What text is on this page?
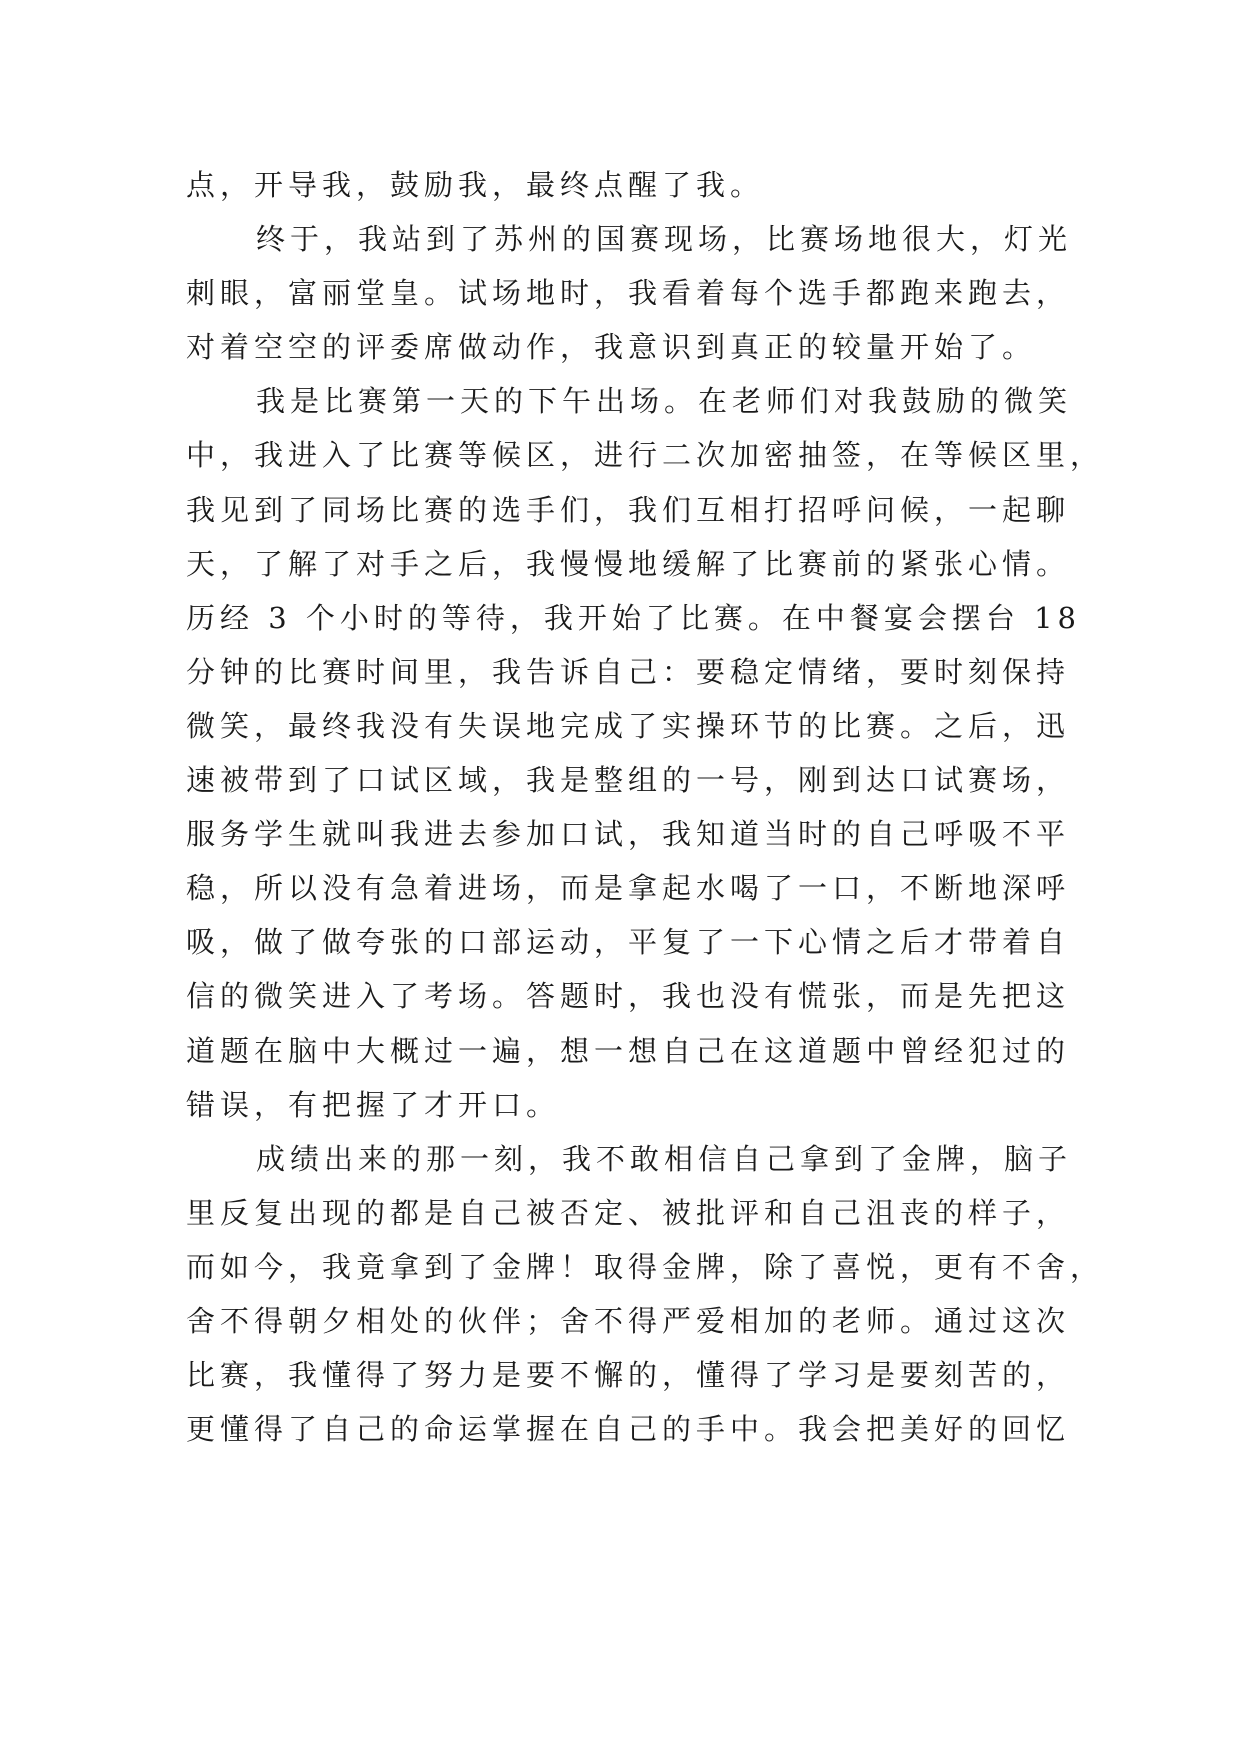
点，开导我，鼓励我，最终点醒了我。
终于，我站到了苏州的国赛现场，比赛场地很大，灯光
刺眼，富丽堂皇。试场地时，我看着每个选手都跑来跑去，
对着空空的评委席做动作，我意识到真正的较量开始了。
我是比赛第一天的下午出场。在老师们对我鼓励的微笑
中，我进入了比赛等候区，进行二次加密抽签，在等候区里，
我见到了同场比赛的选手们，我们互相打招呼问候，一起聊
天，了解了对手之后，我慢慢地缓解了比赛前的紧张心情。
历经 3 个小时的等待，我开始了比赛。在中餐宴会摆台 18
分钟的比赛时间里，我告诉自己：要稳定情绪，要时刻保持
微笑，最终我没有失误地完成了实操环节的比赛。之后，迅
速被带到了口试区域，我是整组的一号，刚到达口试赛场，
服务学生就叫我进去参加口试，我知道当时的自己呼吸不平
稳，所以没有急着进场，而是拿起水喝了一口，不断地深呼
吸，做了做夸张的口部运动，平复了一下心情之后才带着自
信的微笑进入了考场。答题时，我也没有慌张，而是先把这
道题在脑中大概过一遍，想一想自己在这道题中曾经犯过的
错误，有把握了才开口。
成绩出来的那一刻，我不敢相信自己拿到了金牌，脑子
里反复出现的都是自己被否定、被批评和自己沮丧的样子，
而如今，我竟拿到了金牌！取得金牌，除了喜悦，更有不舍，
舍不得朝夕相处的伙伴；舍不得严爱相加的老师。通过这次
比赛，我懂得了努力是要不懈的，懂得了学习是要刻苦的，
更懂得了自己的命运掌握在自己的手中。我会把美好的回忆
